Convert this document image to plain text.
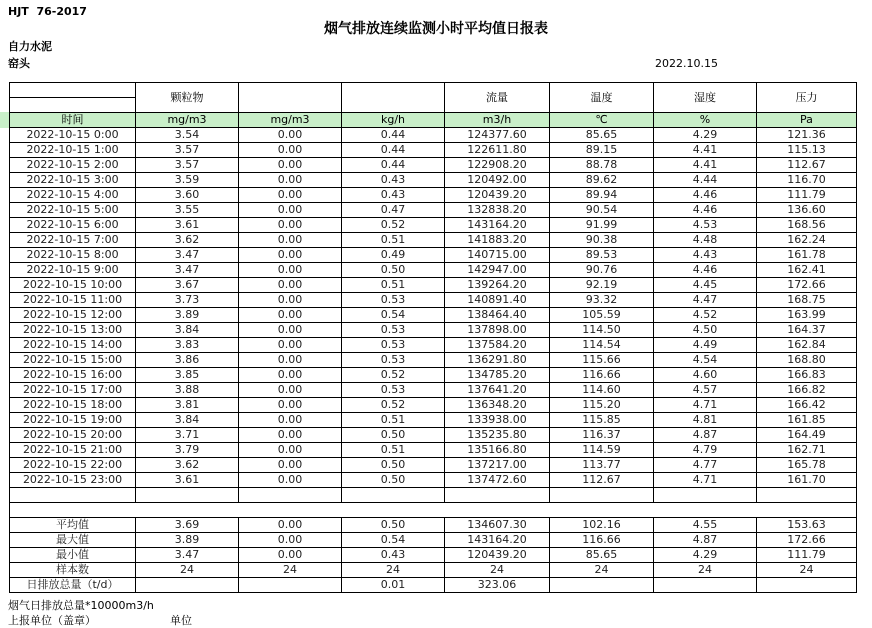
HJT  76-2017
烟气排放连续监测小时平均值日报表
自力水泥
窑头	2022.10.15
	颗粒物			流量	温度	湿度	压力

时间	mg/m3	mg/m3	kg/h	m3/h	℃	%	Pa
2022-10-15 0:00	3.54	0.00	0.44	124377.60	85.65	4.29	121.36
2022-10-15 1:00	3.57	0.00	0.44	122611.80	89.15	4.41	115.13
2022-10-15 2:00	3.57	0.00	0.44	122908.20	88.78	4.41	112.67
2022-10-15 3:00	3.59	0.00	0.43	120492.00	89.62	4.44	116.70
2022-10-15 4:00	3.60	0.00	0.43	120439.20	89.94	4.46	111.79
2022-10-15 5:00	3.55	0.00	0.47	132838.20	90.54	4.46	136.60
2022-10-15 6:00	3.61	0.00	0.52	143164.20	91.99	4.53	168.56
2022-10-15 7:00	3.62	0.00	0.51	141883.20	90.38	4.48	162.24
2022-10-15 8:00	3.47	0.00	0.49	140715.00	89.53	4.43	161.78
2022-10-15 9:00	3.47	0.00	0.50	142947.00	90.76	4.46	162.41
2022-10-15 10:00	3.67	0.00	0.51	139264.20	92.19	4.45	172.66
2022-10-15 11:00	3.73	0.00	0.53	140891.40	93.32	4.47	168.75
2022-10-15 12:00	3.89	0.00	0.54	138464.40	105.59	4.52	163.99
2022-10-15 13:00	3.84	0.00	0.53	137898.00	114.50	4.50	164.37
2022-10-15 14:00	3.83	0.00	0.53	137584.20	114.54	4.49	162.84
2022-10-15 15:00	3.86	0.00	0.53	136291.80	115.66	4.54	168.80
2022-10-15 16:00	3.85	0.00	0.52	134785.20	116.66	4.60	166.83
2022-10-15 17:00	3.88	0.00	0.53	137641.20	114.60	4.57	166.82
2022-10-15 18:00	3.81	0.00	0.52	136348.20	115.20	4.71	166.42
2022-10-15 19:00	3.84	0.00	0.51	133938.00	115.85	4.81	161.85
2022-10-15 20:00	3.71	0.00	0.50	135235.80	116.37	4.87	164.49
2022-10-15 21:00	3.79	0.00	0.51	135166.80	114.59	4.79	162.71
2022-10-15 22:00	3.62	0.00	0.50	137217.00	113.77	4.77	165.78
2022-10-15 23:00	3.61	0.00	0.50	137472.60	112.67	4.71	161.70

平均值	3.69	0.00	0.50	134607.30	102.16	4.55	153.63
最大值	3.89	0.00	0.54	143164.20	116.66	4.87	172.66
最小值	3.47	0.00	0.43	120439.20	85.65	4.29	111.79
样本数	24	24	24	24	24	24	24
日排放总量（t/d）			0.01	323.06			
烟气日排放总量*10000m3/h
上报单位（盖章）	单位
